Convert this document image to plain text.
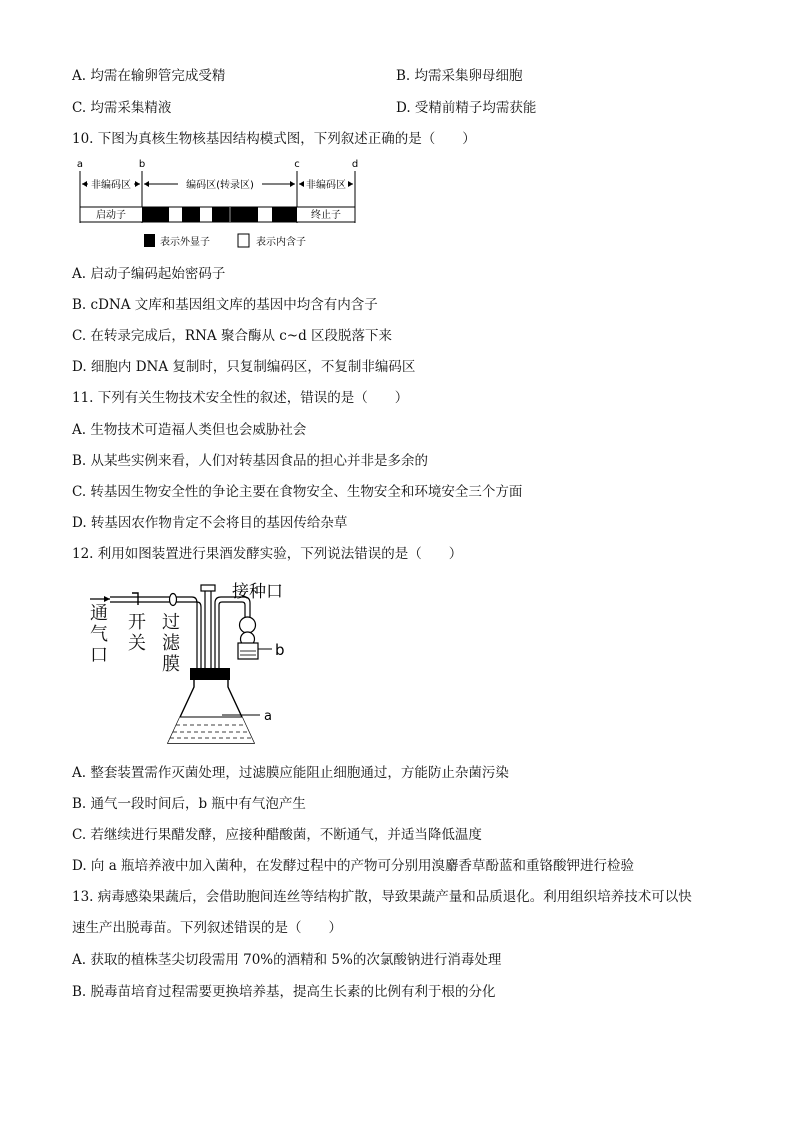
A. 均需在输卵管完成受精	B. 均需采集卵母细胞
C. 均需采集精液	D. 受精前精子均需获能
10. 下图为真核生物核基因结构模式图，下列叙述正确的是（　　）
a	b	c	d
非编码区	编码区(转录区)	非编码区
启动子	终止子
表示外显子	表示内含子
A. 启动子编码起始密码子
B. cDNA 文库和基因组文库的基因中均含有内含子
C. 在转录完成后，RNA 聚合酶从 c~d 区段脱落下来
D. 细胞内 DNA 复制时，只复制编码区，不复制非编码区
11. 下列有关生物技术安全性的叙述，错误的是（　　）
A. 生物技术可造福人类但也会威胁社会
B. 从某些实例来看，人们对转基因食品的担心并非是多余的
C. 转基因生物安全性的争论主要在食物安全、生物安全和环境安全三个方面
D. 转基因农作物肯定不会将目的基因传给杂草
12. 利用如图装置进行果酒发酵实验，下列说法错误的是（　　）
接种口
b
a
通气口
开关
过滤膜
A. 整套装置需作灭菌处理，过滤膜应能阻止细胞通过，方能防止杂菌污染
B. 通气一段时间后，b 瓶中有气泡产生
C. 若继续进行果醋发酵，应接种醋酸菌，不断通气，并适当降低温度
D. 向 a 瓶培养液中加入菌种，在发酵过程中的产物可分别用溴麝香草酚蓝和重铬酸钾进行检验
13. 病毒感染果蔬后，会借助胞间连丝等结构扩散，导致果蔬产量和品质退化。利用组织培养技术可以快
速生产出脱毒苗。下列叙述错误的是（　　）
A. 获取的植株茎尖切段需用 70%的酒精和 5%的次氯酸钠进行消毒处理
B. 脱毒苗培育过程需要更换培养基，提高生长素的比例有利于根的分化
